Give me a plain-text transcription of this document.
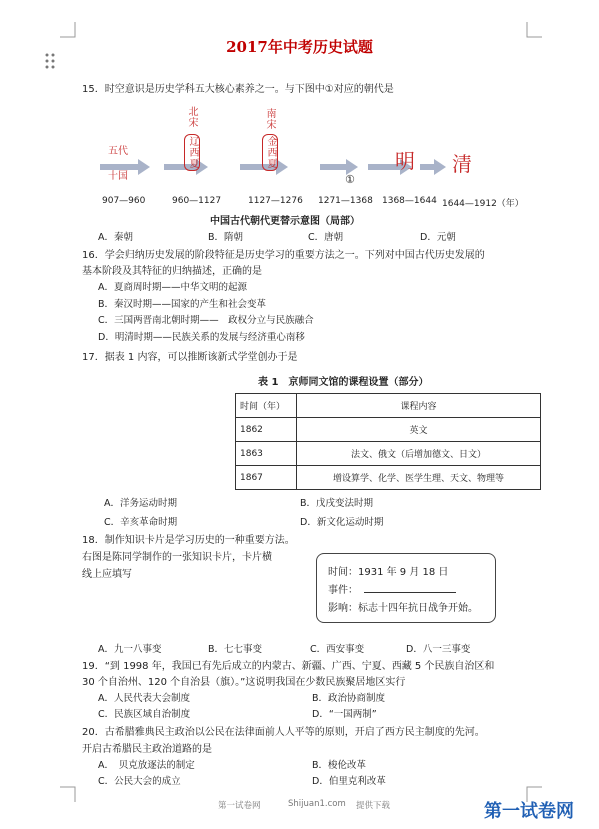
2017年中考历史试题
15．时空意识是历史学科五大核心素养之一。与下图中①对应的朝代是
五代
十国
北宋
辽
西夏
南宋
金
西夏
①
明 清
907—960	960—1127	1127—1276 1271—1368 1368—1644 1644—1912（年）
中国古代朝代更替示意图（局部）
A．秦朝	B．隋朝	C．唐朝	D．元朝
16．学会归纳历史发展的阶段特征是历史学习的重要方法之一。下列对中国古代历史发展的
基本阶段及其特征的归纳描述，正确的是
A．夏商周时期——中华文明的起源
B．秦汉时期——国家的产生和社会变革
C．三国两晋南北朝时期——　政权分立与民族融合
D．明清时期——民族关系的发展与经济重心南移
17．据表 1 内容，可以推断该新式学堂创办于是
表 1　京师同文馆的课程设置（部分）
时间（年）	课程内容
1862	英文
1863	法文、俄文（后增加德文、日文）
1867	增设算学、化学、医学生理、天文、物理等
A．洋务运动时期	B．戊戌变法时期
C．辛亥革命时期	D．新文化运动时期
18．制作知识卡片是学习历史的一种重要方法。
右图是陈同学制作的一张知识卡片，卡片横
线上应填写	时间：1931 年 9 月 18 日
事件：
影响：标志十四年抗日战争开始。
A．九一八事变	B．七七事变	C．西安事变	D．八一三事变
19．“到 1998 年，我国已有先后成立的内蒙古、新疆、广西、宁夏、西藏 5 个民族自治区和
30 个自治州、120 个自治县（旗）。”这说明我国在少数民族聚居地区实行
A．人民代表大会制度	B．政治协商制度
C．民族区域自治制度	D．“一国两制”
20．古希腊雅典民主政治以公民在法律面前人人平等的原则，开启了西方民主制度的先河。
开启古希腊民主政治道路的是
A．　贝克放逐法的制定	B．梭伦改革
C．公民大会的成立	D．伯里克利改革
第一试卷网	Shijuan1.com 提供下载	第一试卷网
